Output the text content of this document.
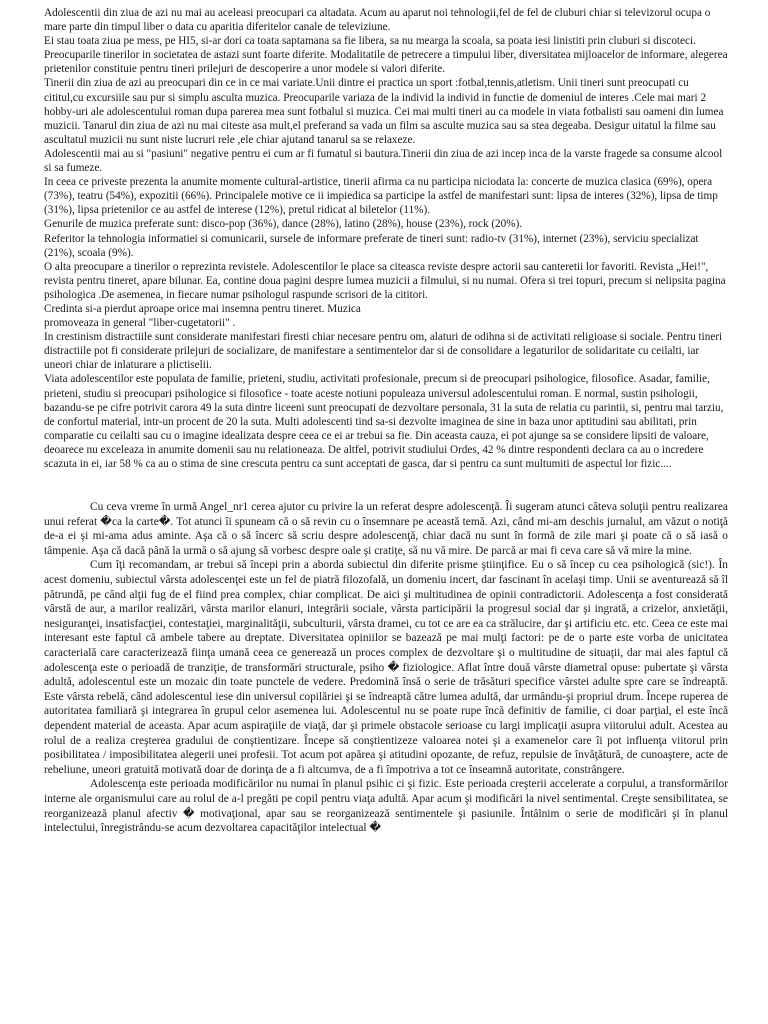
Adolescentii din ziua de azi nu mai au aceleasi preocupari ca altadata. Acum au aparut noi tehnologii,fel de fel de cluburi chiar si televizorul ocupa o mare parte din timpul liber o data cu aparitia diferitelor canale de televiziune.

Ei stau toata ziua pe mess, pe HI5, si-ar dori ca toata saptamana sa fie libera, sa nu mearga la scoala, sa poata iesi linistiti prin cluburi si discoteci.

Preocuparile tinerilor in societatea de astazi sunt foarte diferite. Modalitatile de petrecere a timpului liber, diversitatea mijloacelor de informare, alegerea prietenilor constituie pentru tineri prilejuri de descoperire a unor modele si valori diferite.

Tinerii din ziua de azi au preocupari din ce in ce mai variate.Unii dintre ei practica un sport :fotbal,tennis,atletism. Unii tineri sunt preocupati cu cititul,cu excursiile sau pur si simplu asculta muzica. Preocuparile variaza de la individ la individ in functie de domeniul de interes .Cele mai mari 2 hobby-uri ale adolescentului roman dupa parerea mea sunt fotbalul si muzica. Cei mai multi tineri au ca modele in viata fotbalisti sau oameni din lumea muzicii. Tanarul din ziua de azi nu mai citeste asa mult,el preferand sa vada un film sa asculte muzica sau sa stea degeaba. Desigur uitatul la filme sau ascultatul muzicii nu sunt niste lucruri rele ,ele chiar ajutand tanarul sa se relaxeze.

Adolescentii mai au si "pasiuni" negative pentru ei cum ar fi fumatul si bautura.Tinerii din ziua de azi incep inca de la varste fragede sa consume alcool si sa fumeze.

In ceea ce priveste prezenta la anumite momente cultural-artistice, tinerii afirma ca nu participa niciodata la: concerte de muzica clasica (69%), opera (73%), teatru (54%), expozitii (66%). Principalele motive ce ii impiedica sa participe la astfel de manifestari sunt: lipsa de interes (32%), lipsa de timp (31%), lipsa prietenilor ce au astfel de interese (12%), pretul ridicat al biletelor (11%).

Genurile de muzica preferate sunt: disco-pop (36%), dance (28%), latino (28%), house (23%), rock (20%).

Referitor la tehnologia informatiei si comunicarii, sursele de informare preferate de tineri sunt: radio-tv (31%), internet (23%), serviciu specializat (21%), scoala (9%).

O alta preocupare a tinerilor o reprezinta revistele. Adolescentilor le place sa citeasca reviste despre actorii sau canteretii lor favoriti. Revista „Hei!", revista pentru tineret, apare bilunar. Ea, contine doua pagini despre lumea muzicii a filmului, si nu numai. Ofera si trei topuri, precum si nelipsita pagina psihologica .De asemenea, in fiecare numar psihologul raspunde scrisori de la cititori.

Credinta si-a pierdut aproape orice mai insemna pentru tineret. Muzica

promoveaza in general "liber-cugetatorii" .

In crestinism distractiile sunt considerate manifestari firesti chiar necesare pentru om, alaturi de odihna si de activitati religioase si sociale. Pentru tineri distractiile pot fi considerate prilejuri de socializare, de manifestare a sentimentelor dar si de consolidare a legaturilor de solidaritate cu ceilalti, iar uneori chiar de inlaturare a plictiselii.

Viata adolescentilor este populata de familie, prieteni, studiu, activitati profesionale, precum si de preocupari psihologice, filosofice. Asadar, familie, prieteni, studiu si preocupari psihologice si filosofice - toate aceste notiuni populeaza universul adolescentului roman. E normal, sustin psihologii, bazandu-se pe cifre potrivit carora 49 la suta dintre liceeni sunt preocupati de dezvoltare personala, 31 la suta de relatia cu parintii, si, pentru mai tarziu, de confortul material, intr-un procent de 20 la suta. Multi adolescenti tind sa-si dezvolte imaginea de sine in baza unor aptitudini sau abilitati, prin comparatie cu ceilalti sau cu o imagine idealizata despre ceea ce ei ar trebui sa fie. Din aceasta cauza, ei pot ajunge sa se considere lipsiti de valoare, deoarece nu exceleaza in anumite domenii sau nu relationeaza. De altfel, potrivit studiului Ordes, 42 % dintre respondenti declara ca au o incredere scazuta in ei, iar 58 % ca au o stima de sine crescuta pentru ca sunt acceptati de gasca, dar si pentru ca sunt multumiti de aspectul lor fizic....

Cu ceva vreme în urmă Angel_nr1 cerea ajutor cu privire la un referat despre adolescenţă. Îi sugeram atunci câteva soluţii pentru realizarea unui referat �ca la carte�. Tot atunci îi spuneam că o să revin cu o însemnare pe această temă. Azi, când mi-am deschis jurnalul, am văzut o notiţă de-a ei şi mi-ama adus aminte. Aşa că o să încerc să scriu despre adolescenţă, chiar dacă nu sunt în formă de zile mari şi poate că o să iasă o tâmpenie. Aşa că dacă până la urmă o să ajung să vorbesc despre oale şi cratiţe, să nu vă mire. De parcă ar mai fi ceva care să vă mire la mine.

Cum îţi recomandam, ar trebui să începi prin a aborda subiectul din diferite prisme ştiinţifice. Eu o să încep cu cea psihologică (sic!). În acest domeniu, subiectul vârsta adolescenţei este un fel de piatră filozofală, un domeniu incert, dar fascinant în acelaşi timp. Unii se aventurează să îl pătrundă, pe când alţii fug de el fiind prea complex, chiar complicat. De aici şi multitudinea de opinii contradictorii. Adolescenţa a fost considerată vârstă de aur, a marilor realizări, vârsta marilor elanuri, integrării sociale, vârsta participării la progresul social dar şi ingrată, a crizelor, anxietăţii, nesiguranţei, insatisfacţiei, contestaţiei, marginalităţii, subculturii, vârsta dramei, cu tot ce are ea ca strălucire, dar şi artificiu etc. etc. Ceea ce este mai interesant este faptul că ambele tabere au dreptate. Diversitatea opiniilor se bazează pe mai mulţi factori: pe de o parte este vorba de unicitatea caracterială care caracterizează fiinţa umană ceea ce generează un proces complex de dezvoltare şi o multitudine de situaţii, dar mai ales faptul că adolescenţa este o perioadă de tranziţie, de transformări structurale, psiho � fiziologice. Aflat între două vârste diametral opuse: pubertate şi vârsta adultă, adolescentul este un mozaic din toate punctele de vedere. Predomină însă o serie de trăsături specifice vârstei adulte spre care se îndreaptă. Este vârsta rebelă, când adolescentul iese din universul copilăriei şi se îndreaptă către lumea adultă, dar urmându-şi propriul drum. Începe ruperea de autoritatea familiară şi integrarea în grupul celor asemenea lui. Adolescentul nu se poate rupe încă definitiv de familie, ci doar parţial, el este încă dependent material de aceasta. Apar acum aspiraţiile de viaţă, dar şi primele obstacole serioase cu largi implicaţii asupra viitorului adult. Acestea au rolul de a realiza creşterea gradului de conştientizare. Începe să conştientizeze valoarea notei şi a examenelor care îi pot influenţa viitorul prin posibilitatea / imposibilitatea alegerii unei profesii. Tot acum pot apărea şi atitudini opozante, de refuz, repulsie de învăţătură, de cunoaştere, acte de rebeliune, uneori gratuită motivată doar de dorinţa de a fi altcumva, de a fi împotriva a tot ce înseamnă autoritate, constrângere.

Adolescenţa este perioada modificărilor nu numai în planul psihic ci şi fizic. Este perioada creşterii accelerate a corpului, a transformărilor interne ale organismului care au rolul de a-l pregăti pe copil pentru viaţa adultă. Apar acum şi modificări la nivel sentimental. Creşte sensibilitatea, se reorganizează planul afectiv � motivaţional, apar sau se reorganizează sentimentele şi pasiunile. Întâlnim o serie de modificări şi în planul intelectului, înregistrându-se acum dezvoltarea capacităţilor intelectual �
